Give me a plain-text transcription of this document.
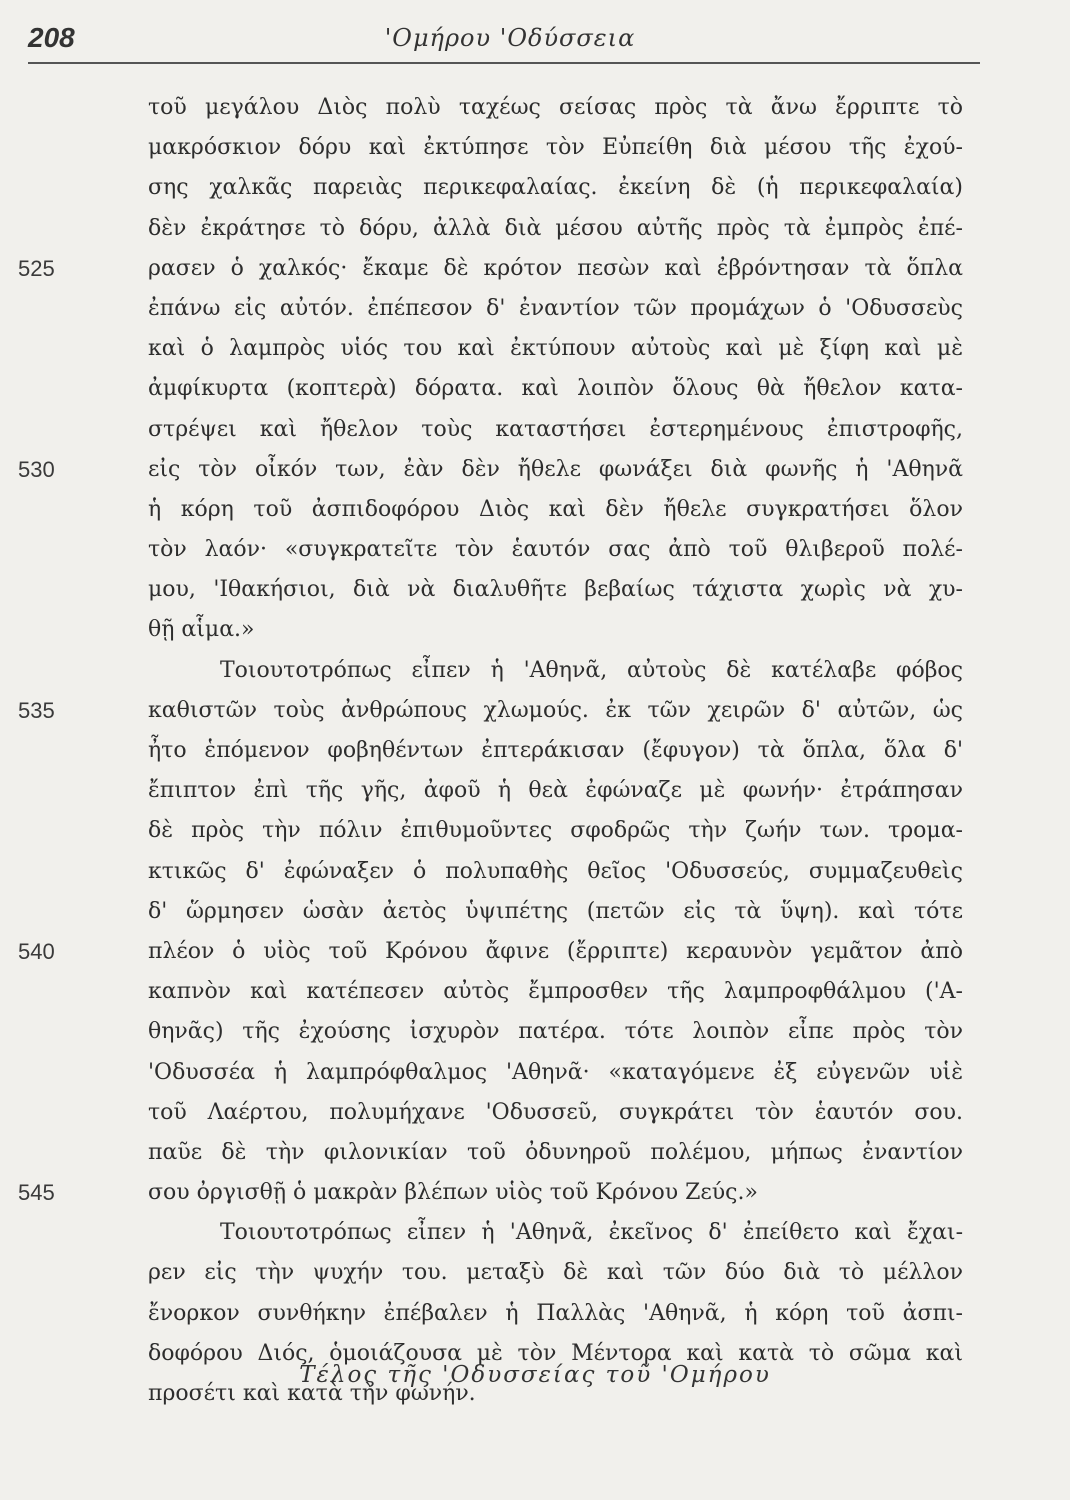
208	'Ομήρου 'Οδύσσεια
525
530
535
540
545
τοῦ μεγάλου Διὸς πολὺ ταχέως σείσας πρὸς τὰ ἄνω ἔρριπτε τὸ
μακρόσκιον δόρυ καὶ ἐκτύπησε τὸν Εὐπείθη διὰ μέσου τῆς ἐχού-
σης χαλκᾶς παρειὰς περικεφαλαίας. ἐκείνη δὲ (ἡ περικεφαλαία)
δὲν ἐκράτησε τὸ δόρυ, ἀλλὰ διὰ μέσου αὐτῆς πρὸς τὰ ἐμπρὸς ἐπέ-
ρασεν ὁ χαλκός· ἔκαμε δὲ κρότον πεσὼν καὶ ἐβρόντησαν τὰ ὅπλα
ἐπάνω εἰς αὐτόν. ἐπέπεσον δ' ἐναντίον τῶν προμάχων ὁ 'Οδυσσεὺς
καὶ ὁ λαμπρὸς υἱός του καὶ ἐκτύπουν αὐτοὺς καὶ μὲ ξίφη καὶ μὲ
ἀμφίκυρτα (κοπτερὰ) δόρατα. καὶ λοιπὸν ὅλους θὰ ἤθελον κατα-
στρέψει καὶ ἤθελον τοὺς καταστήσει ἐστερημένους ἐπιστροφῆς,
εἰς τὸν οἶκόν των, ἐὰν δὲν ἤθελε φωνάξει διὰ φωνῆς ἡ 'Αθηνᾶ
ἡ κόρη τοῦ ἀσπιδοφόρου Διὸς καὶ δὲν ἤθελε συγκρατήσει ὅλον
τὸν λαόν· «συγκρατεῖτε τὸν ἑαυτόν σας ἀπὸ τοῦ θλιβεροῦ πολέ-
μου, 'Ιθακήσιοι, διὰ νὰ διαλυθῆτε βεβαίως τάχιστα χωρὶς νὰ χυ-
θῇ αἷμα.»
Τοιουτοτρόπως εἶπεν ἡ 'Αθηνᾶ, αὐτοὺς δὲ κατέλαβε φόβος
καθιστῶν τοὺς ἀνθρώπους χλωμούς. ἐκ τῶν χειρῶν δ' αὐτῶν, ὡς
ἦτο ἑπόμενον φοβηθέντων ἐπτεράκισαν (ἔφυγον) τὰ ὅπλα, ὅλα δ'
ἔπιπτον ἐπὶ τῆς γῆς, ἀφοῦ ἡ θεὰ ἐφώναζε μὲ φωνήν· ἐτράπησαν
δὲ πρὸς τὴν πόλιν ἐπιθυμοῦντες σφοδρῶς τὴν ζωήν των. τρομα-
κτικῶς δ' ἐφώναξεν ὁ πολυπαθὴς θεῖος 'Οδυσσεύς, συμμαζευθεὶς
δ' ὥρμησεν ὡσὰν ἀετὸς ὑψιπέτης (πετῶν εἰς τὰ ὕψη). καὶ τότε
πλέον ὁ υἱὸς τοῦ Κρόνου ἄφινε (ἔρριπτε) κεραυνὸν γεμᾶτον ἀπὸ
καπνὸν καὶ κατέπεσεν αὐτὸς ἔμπροσθεν τῆς λαμπροφθάλμου ('Α-
θηνᾶς) τῆς ἐχούσης ἰσχυρὸν πατέρα. τότε λοιπὸν εἶπε πρὸς τὸν
'Οδυσσέα ἡ λαμπρόφθαλμος 'Αθηνᾶ· «καταγόμενε ἐξ εὐγενῶν υἱὲ
τοῦ Λαέρτου, πολυμήχανε 'Οδυσσεῦ, συγκράτει τὸν ἑαυτόν σου.
παῦε δὲ τὴν φιλονικίαν τοῦ ὀδυνηροῦ πολέμου, μήπως ἐναντίον
σου ὀργισθῇ ὁ μακρὰν βλέπων υἱὸς τοῦ Κρόνου Ζεύς.»
Τοιουτοτρόπως εἶπεν ἡ 'Αθηνᾶ, ἐκεῖνος δ' ἐπείθετο καὶ ἔχαι-
ρεν εἰς τὴν ψυχήν του. μεταξὺ δὲ καὶ τῶν δύο διὰ τὸ μέλλον
ἔνορκον συνθήκην ἐπέβαλεν ἡ Παλλὰς 'Αθηνᾶ, ἡ κόρη τοῦ ἀσπι-
δοφόρου Διός, ὁμοιάζουσα μὲ τὸν Μέντορα καὶ κατὰ τὸ σῶμα καὶ
προσέτι καὶ κατὰ τὴν φωνήν.
Τέλος τῆς 'Οδυσσείας τοῦ 'Ομήρου
